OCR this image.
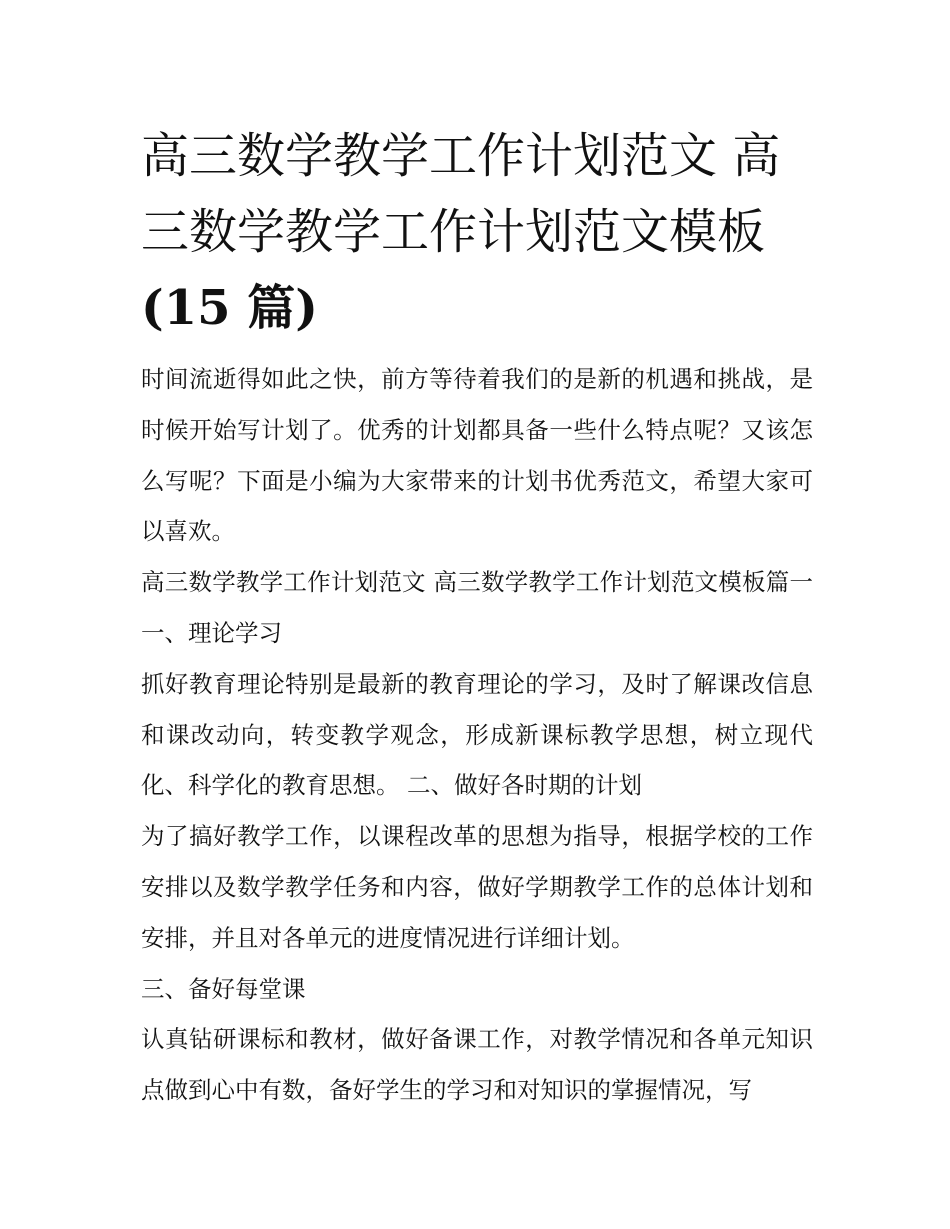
高三数学教学工作计划范文 高三数学教学工作计划范文模板
(15 篇)

时间流逝得如此之快，前方等待着我们的是新的机遇和挑战，是时候开始写计划了。优秀的计划都具备一些什么特点呢？又该怎么写呢？下面是小编为大家带来的计划书优秀范文，希望大家可以喜欢。

高三数学教学工作计划范文 高三数学教学工作计划范文模板篇一 一、理论学习

抓好教育理论特别是最新的教育理论的学习，及时了解课改信息和课改动向，转变教学观念，形成新课标教学思想，树立现代化、科学化的教育思想。 二、做好各时期的计划

为了搞好教学工作，以课程改革的思想为指导，根据学校的工作安排以及数学教学任务和内容，做好学期教学工作的总体计划和安排，并且对各单元的进度情况进行详细计划。

三、备好每堂课

认真钻研课标和教材，做好备课工作，对教学情况和各单元知识点做到心中有数，备好学生的学习和对知识的掌握情况，写
